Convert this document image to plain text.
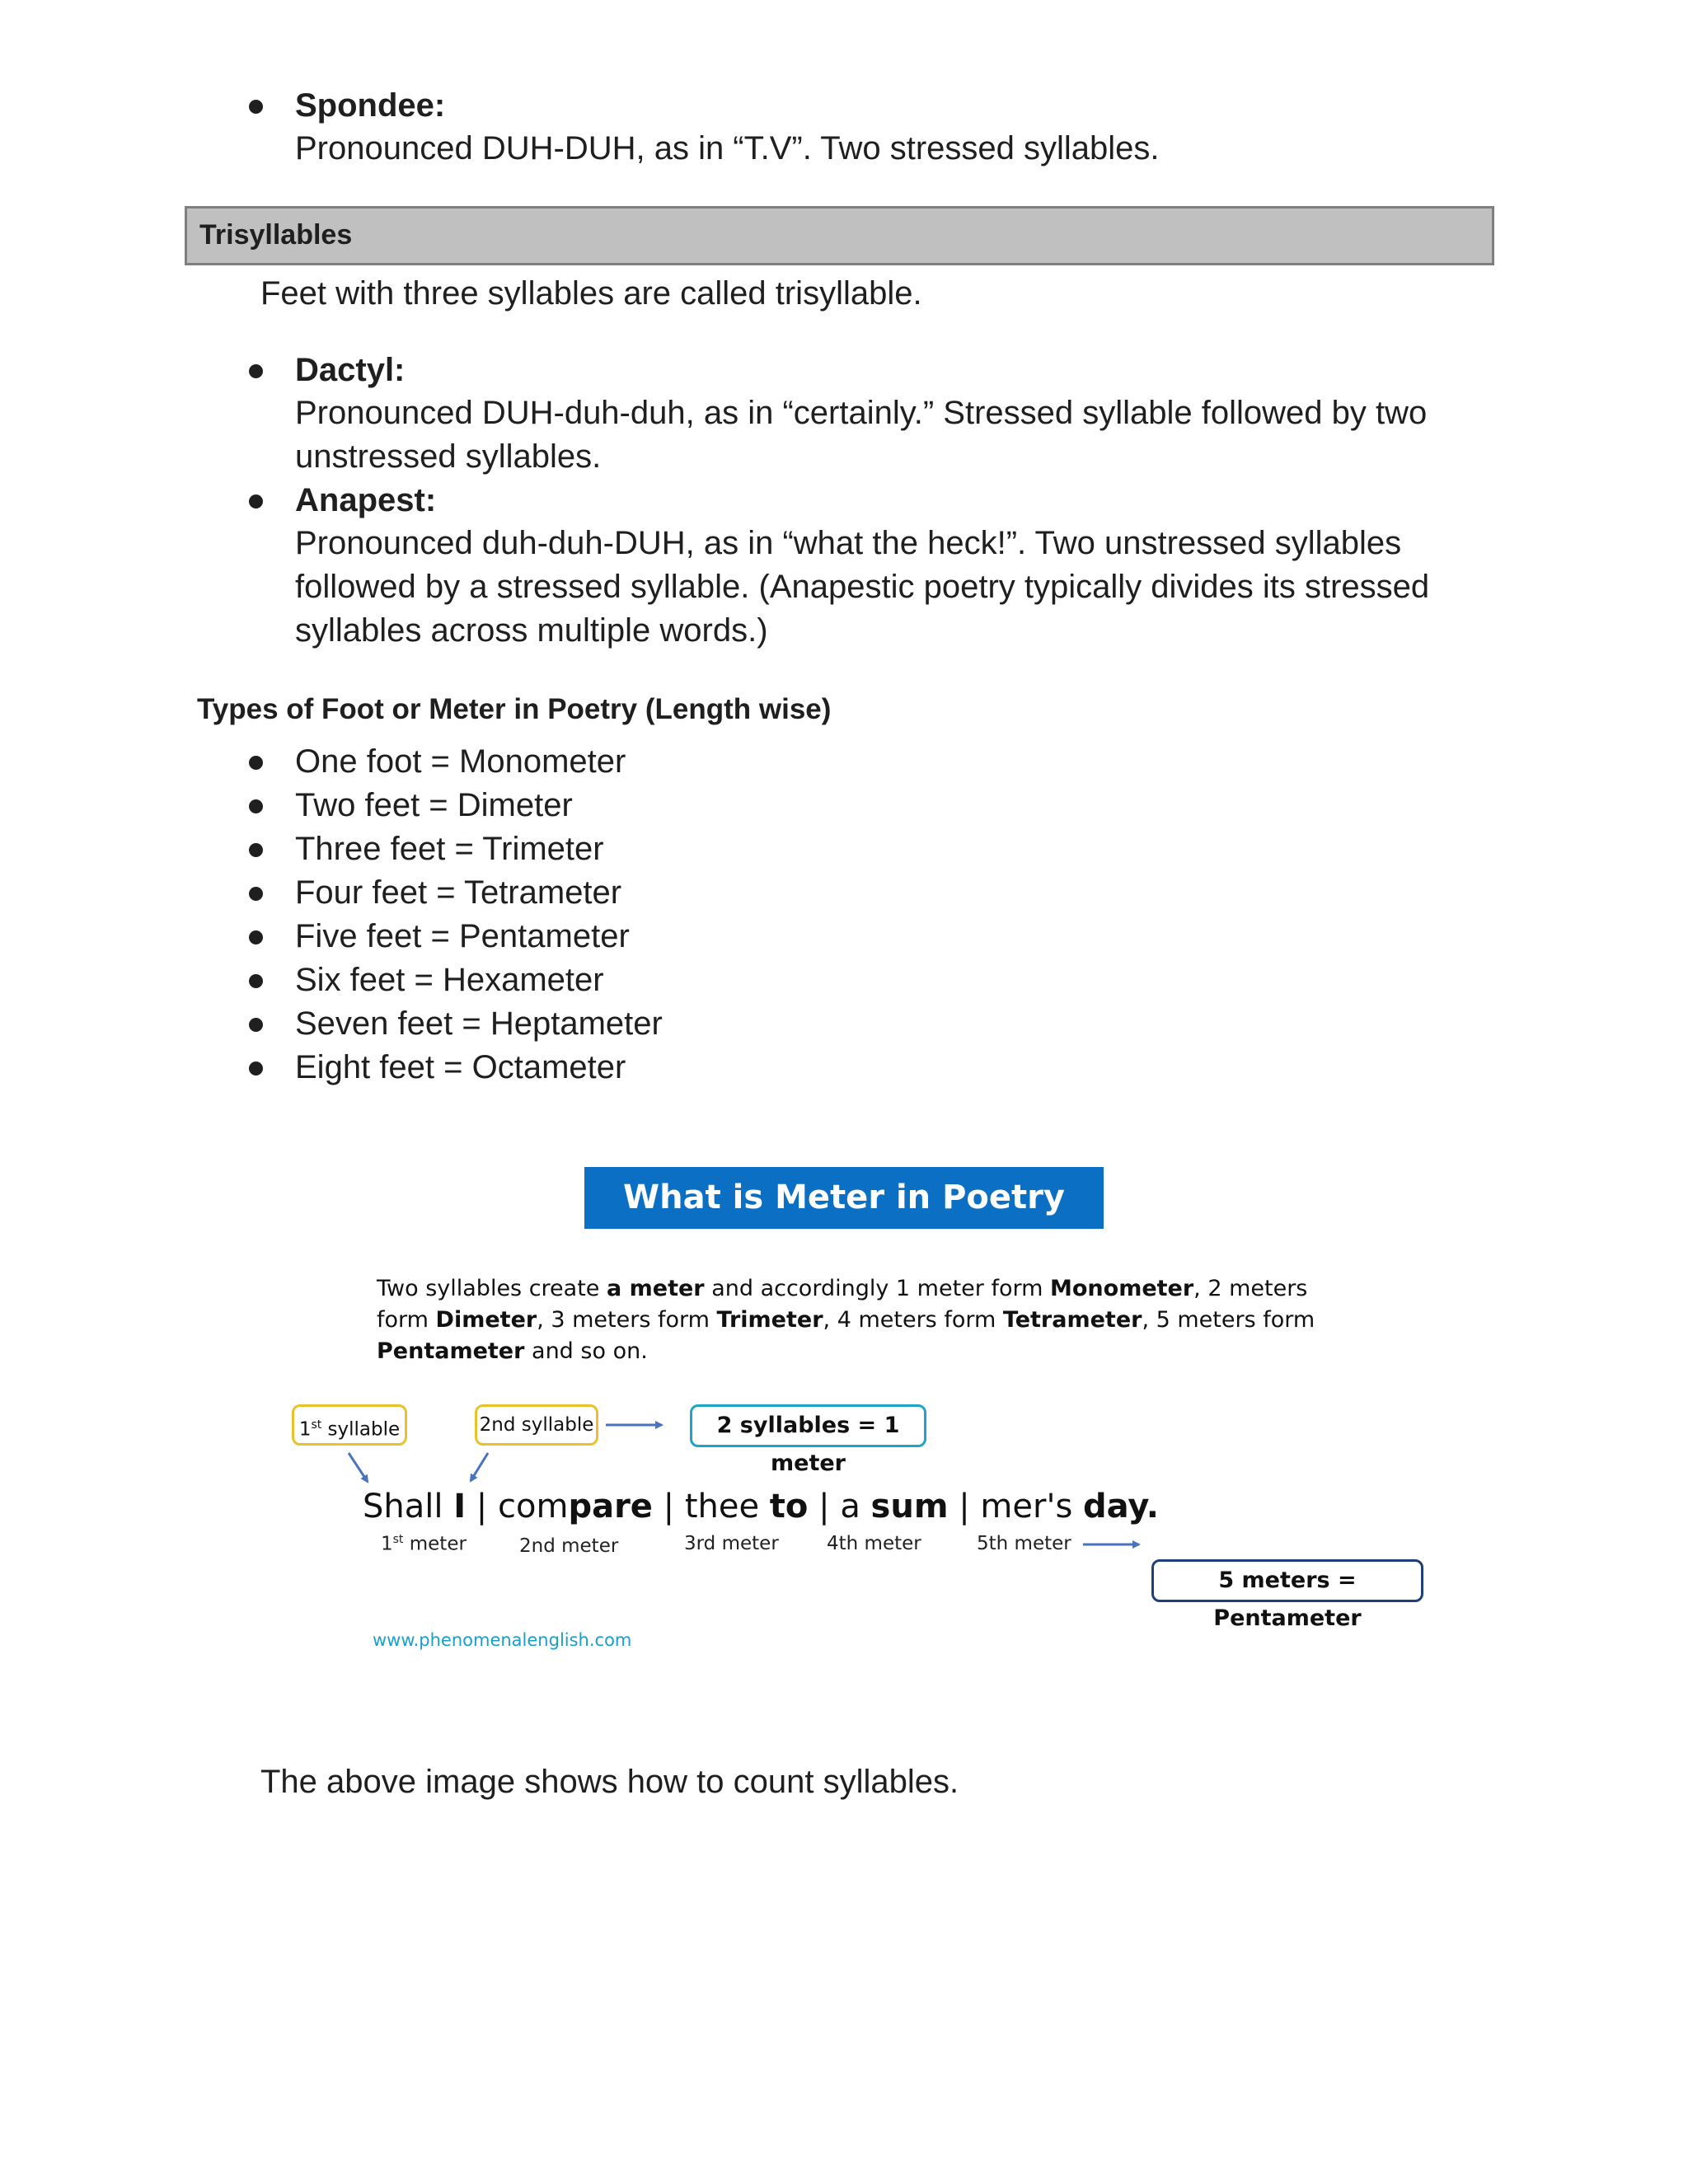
Spondee:
Pronounced DUH-DUH, as in “T.V”. Two stressed syllables.
Trisyllables
Feet with three syllables are called trisyllable.
Dactyl:
Pronounced DUH-duh-duh, as in “certainly.” Stressed syllable followed by two
unstressed syllables.
Anapest:
Pronounced duh-duh-DUH, as in “what the heck!”. Two unstressed syllables
followed by a stressed syllable. (Anapestic poetry typically divides its stressed
syllables across multiple words.)
Types of Foot or Meter in Poetry (Length wise)
One foot = Monometer
Two feet = Dimeter
Three feet = Trimeter
Four feet = Tetrameter
Five feet = Pentameter
Six feet = Hexameter
Seven feet = Heptameter
Eight feet = Octameter
What is Meter in Poetry
Two syllables create a meter and accordingly 1 meter form Monometer, 2 meters form Dimeter, 3 meters form Trimeter, 4 meters form Tetrameter, 5 meters form Pentameter and so on.
1st syllable	2nd syllable	2 syllables = 1 meter
5 meters = Pentameter
Shall I | compare | thee to | a sum | mer's day.
1st meter	2nd meter	3rd meter	4th meter	5th meter
www.phenomenalenglish.com
The above image shows how to count syllables.
